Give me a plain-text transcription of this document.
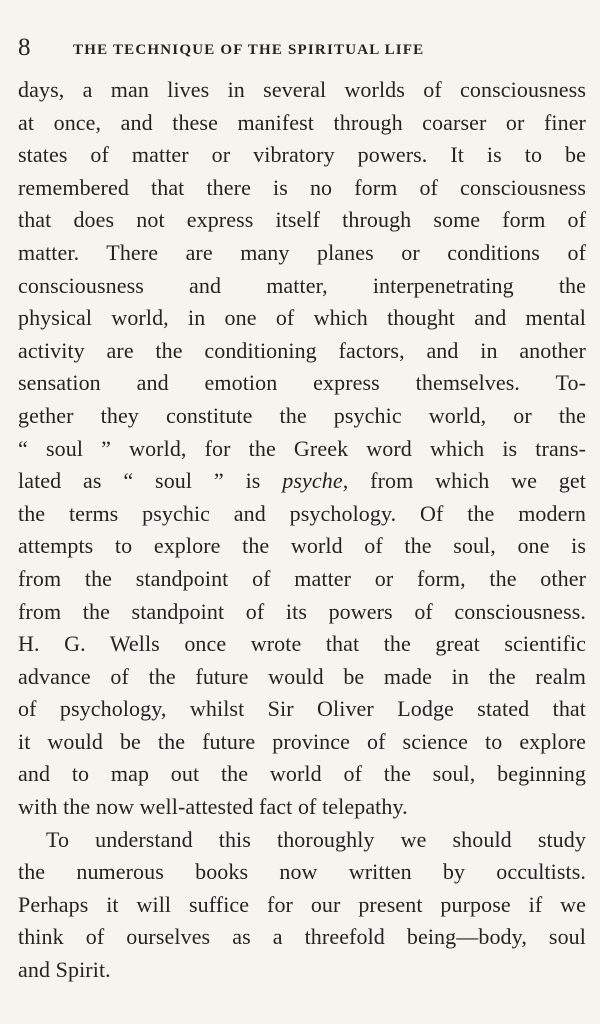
8	THE TECHNIQUE OF THE SPIRITUAL LIFE
days, a man lives in several worlds of consciousness
at once, and these manifest through coarser or finer
states of matter or vibratory powers. It is to be
remembered that there is no form of consciousness
that does not express itself through some form of
matter. There are many planes or conditions of
consciousness and matter, interpenetrating the
physical world, in one of which thought and mental
activity are the conditioning factors, and in another
sensation and emotion express themselves. To-
gether they constitute the psychic world, or the
“ soul ” world, for the Greek word which is trans-
lated as “ soul ” is psyche, from which we get
the terms psychic and psychology. Of the modern
attempts to explore the world of the soul, one is
from the standpoint of matter or form, the other
from the standpoint of its powers of consciousness.
H. G. Wells once wrote that the great scientific
advance of the future would be made in the realm
of psychology, whilst Sir Oliver Lodge stated that
it would be the future province of science to explore
and to map out the world of the soul, beginning
with the now well-attested fact of telepathy.
To understand this thoroughly we should study
the numerous books now written by occultists.
Perhaps it will suffice for our present purpose if we
think of ourselves as a threefold being—body, soul
and Spirit.
